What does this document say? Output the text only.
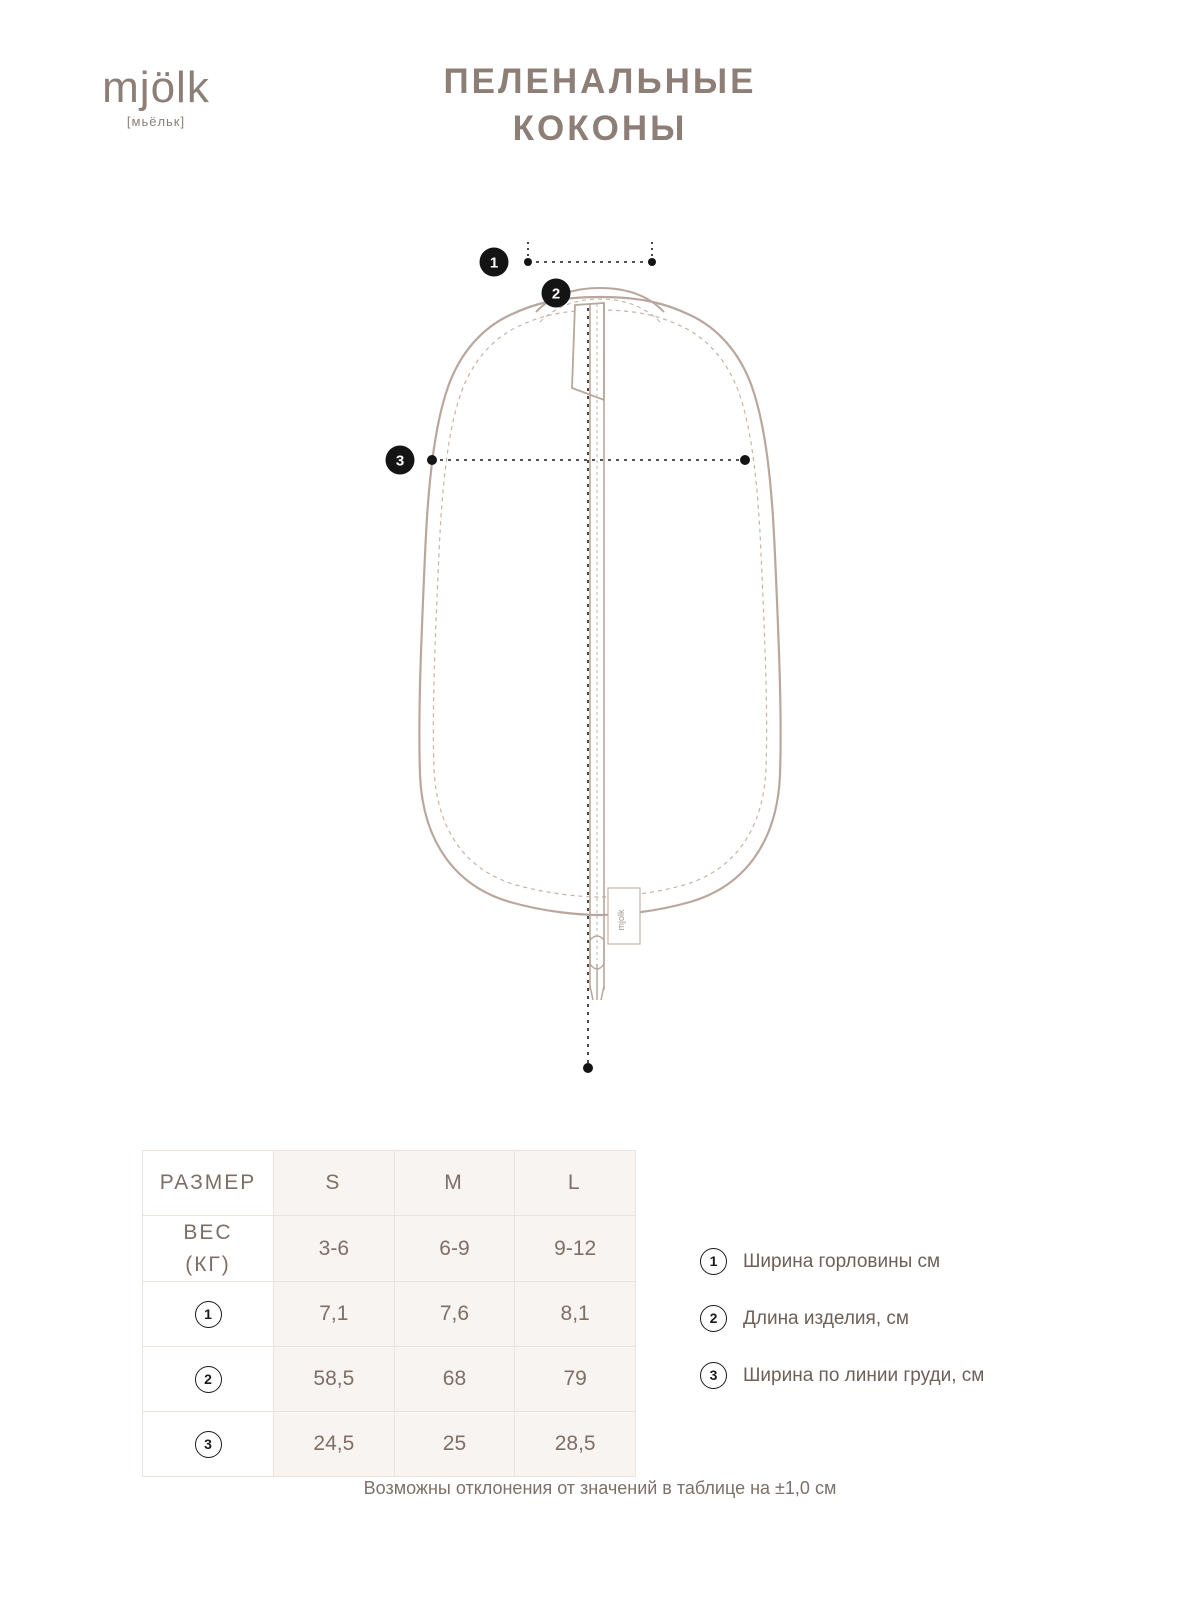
mjölk
[мьёльк]
ПЕЛЕНАЛЬНЫЕ
КОКОНЫ
mjolk
1
2
3
РАЗМЕР	S	M	L

ВЕС
(КГ)	3-6	6-9	9-12
1	7,1	7,6	8,1
2	58,5	68	79
3	24,5	25	28,5
1	Ширина горловины см
2	Длина изделия, см
3	Ширина по линии груди, см
Возможны отклонения от значений в таблице на ±1,0 см
